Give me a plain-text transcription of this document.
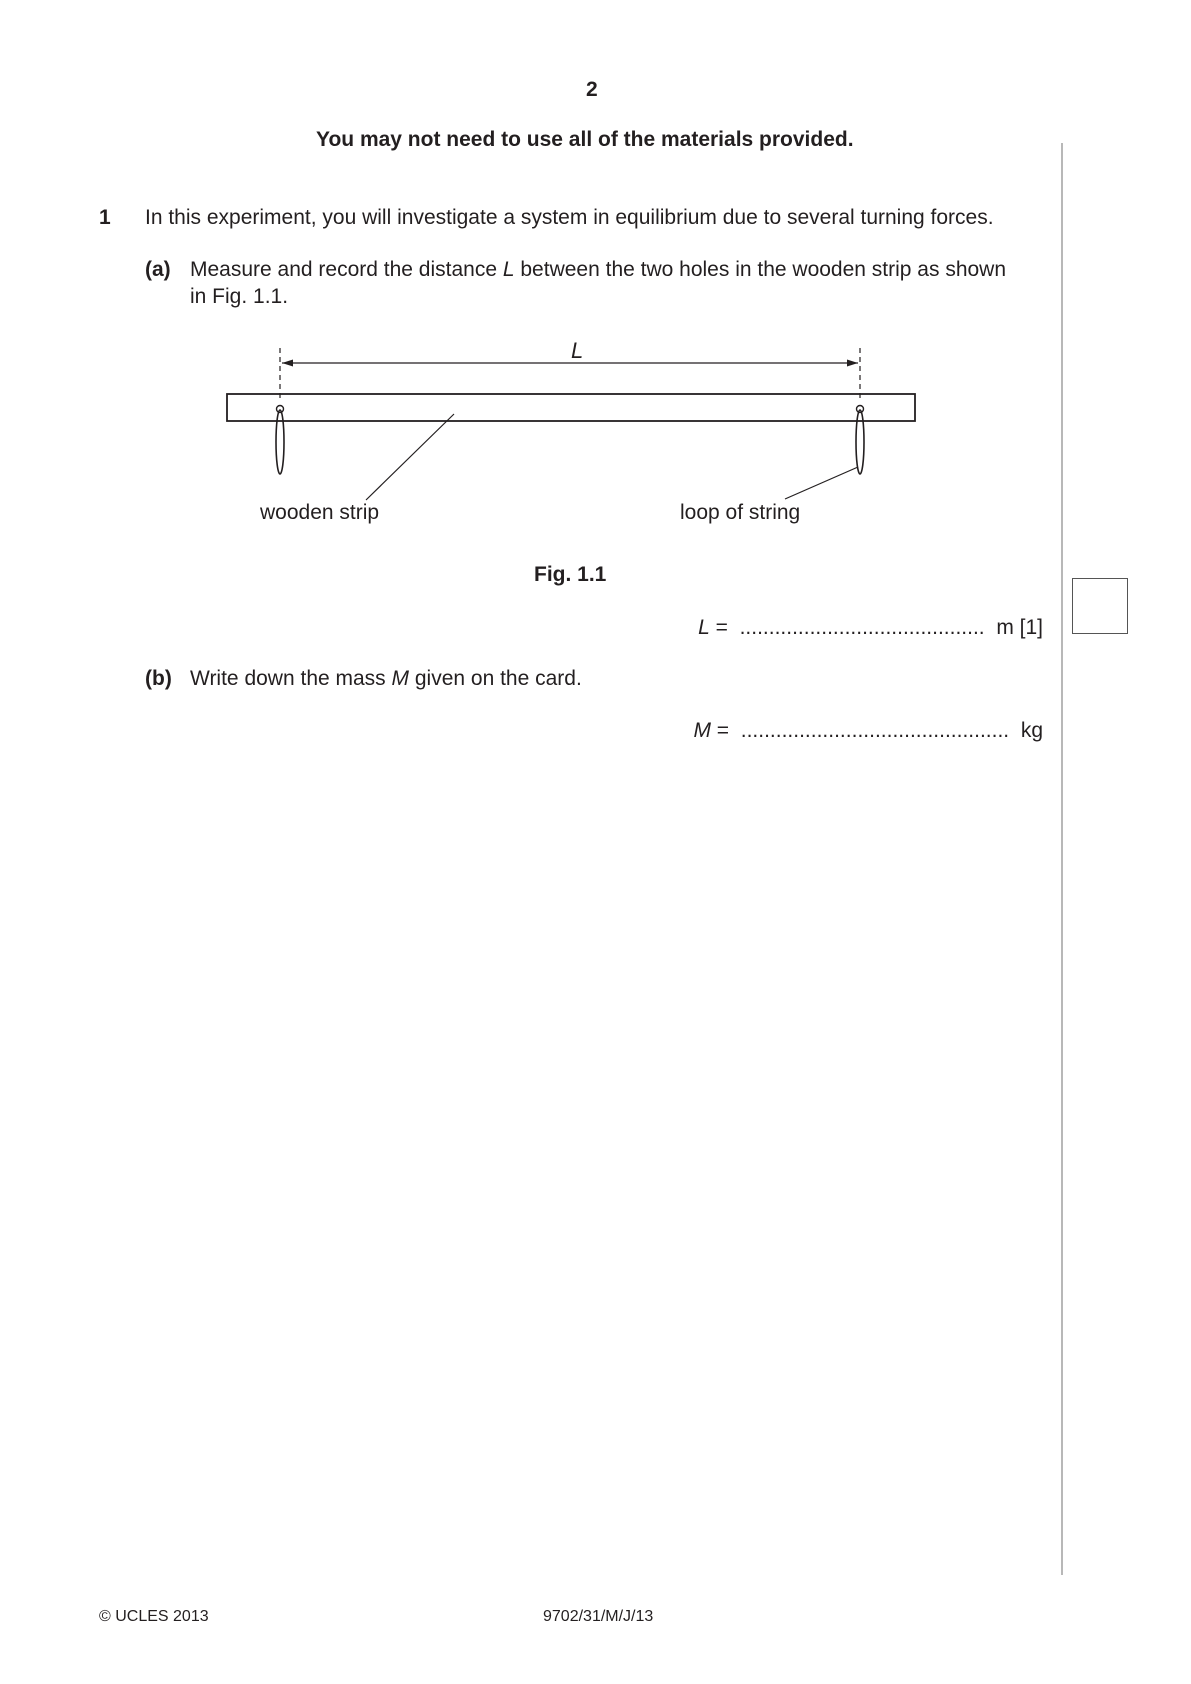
2
You may not need to use all of the materials provided.
1 In this experiment, you will investigate a system in equilibrium due to several turning forces.
(a) Measure and record the distance L between the two holes in the wooden strip as shown
in Fig. 1.1.
L
wooden strip	loop of string
Fig. 1.1
L = .......................................... m [1]
(b) Write down the mass M given on the card.
M = .............................................. kg
© UCLES 2013	9702/31/M/J/13
